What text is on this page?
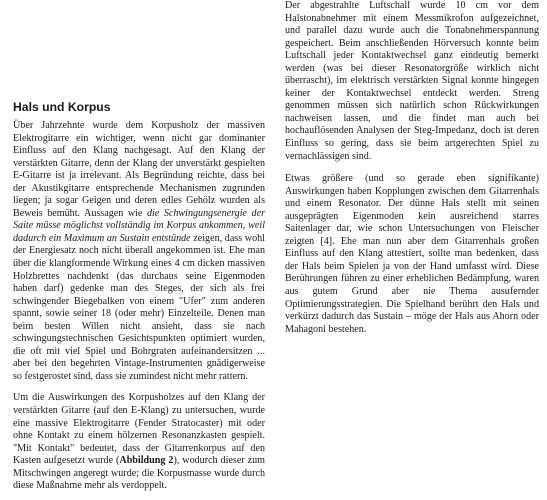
Hals und Korpus

Über Jahrzehnte wurde dem Korpusholz der massiven Elektrogitarre ein wichtiger, wenn nicht gar dominanter Einfluss auf den Klang nachgesagt. Auf den Klang der verstärkten Gitarre, denn der Klang der unverstärkt gespielten E-Gitarre ist ja irrelevant. Als Begründung reichte, dass bei der Akustikgitarre entsprechende Mechanismen zugrunden liegen; ja sogar Geigen und deren edles Gehölz wurden als Beweis bemüht. Aussagen wie die Schwingungsenergie der Saite müsse möglichst vollständig im Korpus ankommen, weil dadurch ein Maximum an Sustain entstünde zeigen, dass wohl der Energiesatz noch nicht überall angekommen ist. Ehe man über die klangformende Wirkung eines 4 cm dicken massiven Holzbrettes nachdenkt (das durchaus seine Eigenmoden haben darf) gedenke man des Steges, der sich als frei schwingender Biegebalken von einem "Ufer" zum anderen spannt, sowie seiner 18 (oder mehr) Einzelteile. Denen man beim besten Willen nicht ansieht, dass sie nach schwingungstechnischen Gesichtspunkten optimiert wurden, die oft mit viel Spiel und Bohrgraten aufeinandersitzen ... aber bei den begehrten Vintage-Instrumenten gnädigerweise so festgerostet sind, dass sie zumindest nicht mehr rattern.

Um die Auswirkungen des Korpusholzes auf den Klang der verstärkten Gitarre (auf den E-Klang) zu untersuchen, wurde eine massive Elektrogitarre (Fender Stratocaster) mit oder ohne Kontakt zu einem hölzernen Resonanzkasten gespielt. "Mit Kontakt" bedeutet, dass der Gitarrenkorpus auf den Kasten aufgesetzt wurde (Abbildung 2), wodurch dieser zum Mitschwingen angeregt wurde; die Korpusmasse wurde durch diese Maßnahme mehr als verdoppelt.

Der abgestrahlte Luftschall wurde 10 cm vor dem Halstonabnehmer mit einem Messmikrofon aufgezeichnet, und parallel dazu wurde auch die Tonabnehmerspannung gespeichert. Beim anschließenden Hörversuch konnte beim Luftschall jeder Kontaktwechsel ganz eindeutig bemerkt werden (was bei dieser Resonatorgröße wirklich nicht überrascht), im elektrisch verstärkten Signal konnte hingegen keiner der Kontaktwechsel entdeckt werden. Streng genommen müssen sich natürlich schon Rückwirkungen nachweisen lassen, und die findet man auch bei hochauflösenden Analysen der Steg-Impedanz, doch ist deren Einfluss so gering, dass sie beim artgerechten Spiel zu vernachlässigen sind.

Etwas größere (und so gerade eben signifikante) Auswirkungen haben Kopplungen zwischen dem Gitarrenhals und einem Resonator. Der dünne Hals stellt mit seinen ausgeprägten Eigenmoden kein ausreichend starres Saitenlager dar, wie schon Untersuchungen von Fleischer zeigten [4]. Ehe man nun aber dem Gitarrenhals großen Einfluss auf den Klang attestiert, sollte man bedenken, dass der Hals beim Spielen ja von der Hand umfasst wird. Diese Berührungen führen zu einer erheblichen Bedämpfung, waren aus gutem Grund aber nie Thema ausufernder Optimierungsstrategien. Die Spielhand berührt den Hals und verkürzt dadurch das Sustain – möge der Hals aus Ahorn oder Mahagoni bestehen.
